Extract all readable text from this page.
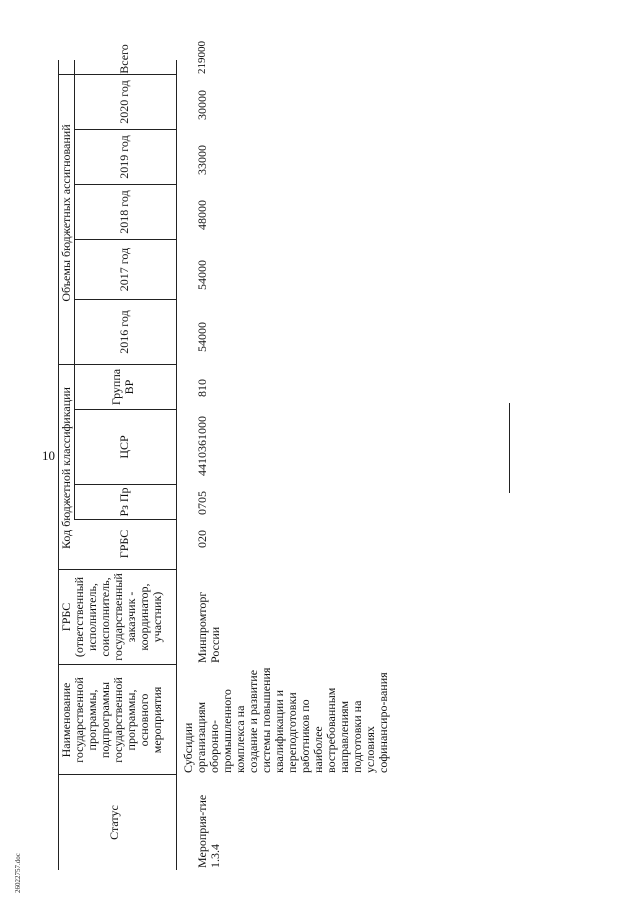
10
26022757.doc
Статус
Наименование государственной программы, подпрограммы государственной программы, основного мероприятия
ГРБС (ответственный исполнитель, соисполнитель, государственный заказчик - координатор, участник)
Код бюджетной классификации	ГРБС
Рз Пр
ЦСР
Группа ВР
Объемы бюджетных ассигнований
2016 год
2017 год
2018 год
2019 год
2020 год
Всего
Мероприя-тие 1.3.4
Субсидии организациям оборонно-промышленного комплекса на создание и развитие системы повышения квалификации и переподготовки работников по наиболее востребованным направлениям подготовки на условиях софинансиро-вания
Минпромторг России
020
0705
4410361000
810
54000
54000
48000
33000
30000
219000
